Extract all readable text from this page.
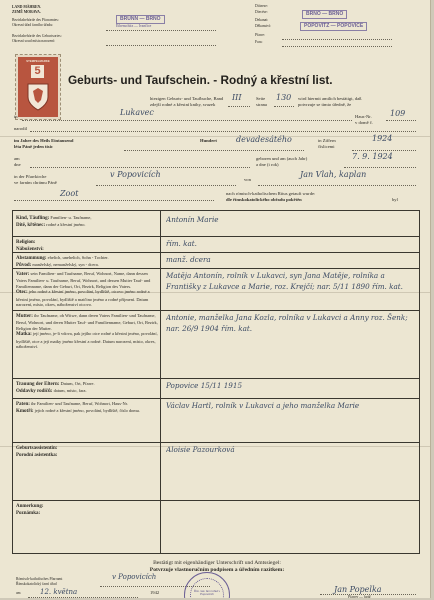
LAND MÄHREN.
ZEMĚ MORAVA.
Bezirksbehörde des Pfarramtes:
Okresní úřad farního úřadu:
BRÜNN — BRNO
Eibenschitz — Ivančice
Bezirksbehörde des Geburtsortes:
Okresní soud místa narození:
Diözese:
Diecése:	BRNO — BRNO
Dekanat:
Děkanství:	POPOVITZ — POPOVICE
Pfarre:
Fara:
STEMPELMARKE
5
Geburts- und Taufschein. - Rodný a křestní list.
hiezigen Geburts- und Taufbuche, Band
zdejší rodné a křestní knihy, svazek
III	Seite
strana
130 wird hiermit amtlich bestätigt, daß
potvrzuje se timto úředně, že
in	Lukavec	Haus-Nr.
v domě č.
109
narodil
im Jahre des Heils Eintausend
léta Páně jeden tisíc
Hundert devadesátého	in Ziffern
číslicemi
1924
am
dne
geboren und am (auch Jahr)
a dne (i rok)
7. 9. 1924
in der Pfarrkirche
ve farním chrámu Páně
v Popovicích
von
Jan Vlah, kaplan
Zoot	nach römisch-katholischem Ritus getauft wurde:
dle římskokatolického obřadu pokřtěn	byl
Kind, Täufling: Familien- u. Taufname,
Dítě, křtěnec: rodné a křestní jméno.
Antonín Marie
Religion:
Náboženství:
řím. kat.
Abstammung: ehelich, unehelich, Sohn - Tochter.
Původ: manželský, nemanželský, syn - dcera.
manž. dcera
Vater: sein Familien- und Taufname, Beruf, Wohnort, Name, dann dessen Vaters Familien- u. Taufname, Beruf, Wohnort, und dessen Mutter Tauf- und Familienname, dann der Geburt, Ort, Bezirk, Religion des Vaters.
Otec: jeho rodné a křestní jméno, povolání, bydliště, otcovo jméno rodné a křestní jméno, povolání, bydliště a matčino jméno a rodné příjmení. Datum narození, místo, okres, náboženství otcovo.
Matěja Antonín, rolník v Lukavci, syn Jana Matěje, rolníka a Františky z Lukavce a Marie, roz. Krejčí; nar. 5/11 1890 řím. kat.
Mutter: ihr Taufname, ob Witwe, dann deren Vaters Familien- und Taufname, Beruf, Wohnort, und deren Mutter Tauf- und Familienname, Geburt, Ort, Bezirk, Religion der Mutter.
Matka: její jméno, je-li vdova, pak jejího otce rodné a křestní jméno, povolání, bydliště, otce a její matky jméno křestní a rodné. Datum narození, místo, okres, náboženství.
Antonie, manželka Jana Kozla, rolníka v Lukavci a Anny roz. Šenk; nar. 26/9 1904 řím. kat.
Trauung der Eltern: Datum, Ort, Pfarre.
Oddavky rodičů: datum, místo, fara.
Popovice 15/11 1915
Paten: ihr Familien- und Taufname, Beruf, Wohnort, Haus-Nr.
Kmotři: jejich rodné a křestní jméno, povolání, bydliště, číslo domu.
Václav Hartl, rolník v Lukavci a jeho manželka Marie
Geburtsassistentin:
Porodní asistentka:
Aloisie Pazourková
Anmerkung:
Poznámka:
Bestätigt mit eigenhändiger Unterschrift und Amtssiegel:
Potvrzuje vlastnoručním podpisem a úředním razítkem:
Römisch-katholisches Pfarramt
Římskokatolický farní úřad
v Popovicích
am	12. května	1942	Řím. kat. farní úřad v Popovicích
Jan Popelka
Pfarrer — farář
